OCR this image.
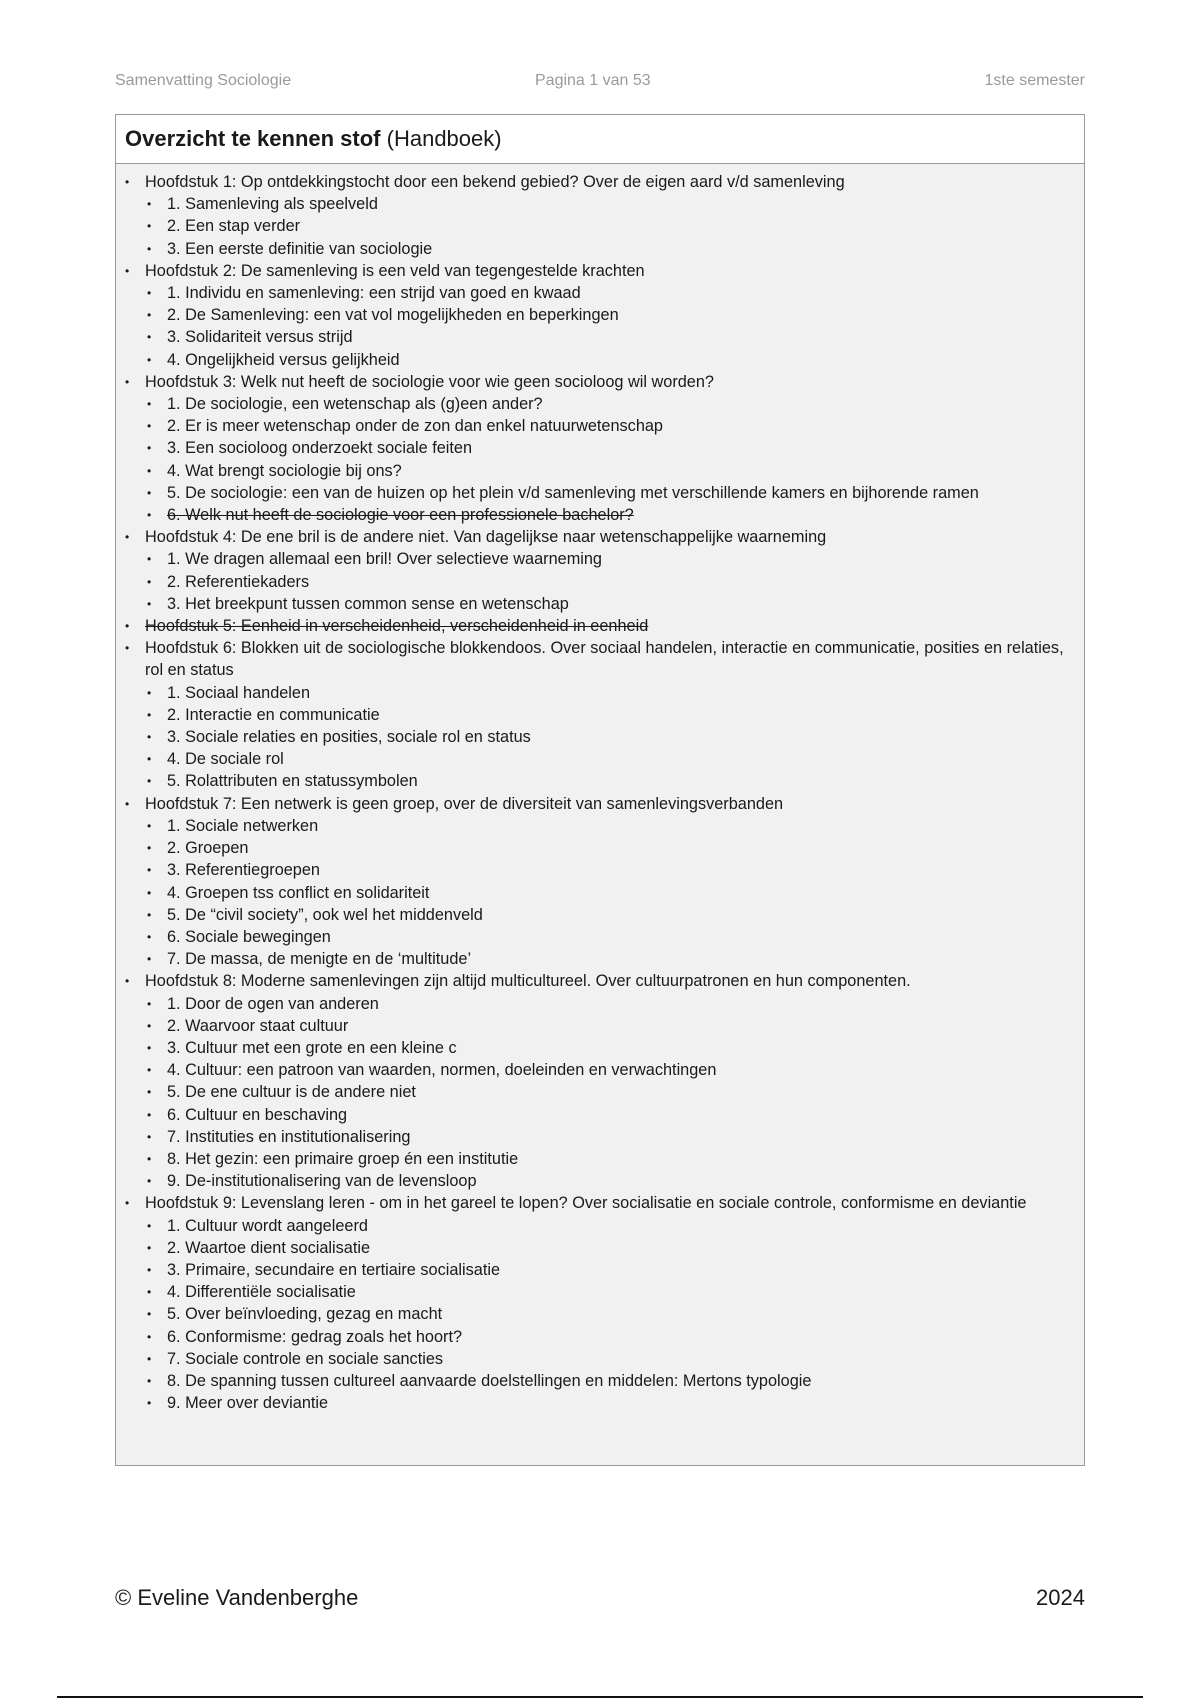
Samenvatting Sociologie	Pagina 1 van 53	1ste semester
Overzicht te kennen stof (Handboek)
• Hoofdstuk 1: Op ontdekkingstocht door een bekend gebied? Over de eigen aard v/d samenleving
• 1. Samenleving als speelveld
• 2. Een stap verder
• 3. Een eerste definitie van sociologie
• Hoofdstuk 2: De samenleving is een veld van tegengestelde krachten
• 1. Individu en samenleving: een strijd van goed en kwaad
• 2. De Samenleving: een vat vol mogelijkheden en beperkingen
• 3. Solidariteit versus strijd
• 4. Ongelijkheid versus gelijkheid
• Hoofdstuk 3: Welk nut heeft de sociologie voor wie geen socioloog wil worden?
• 1. De sociologie, een wetenschap als (g)een ander?
• 2. Er is meer wetenschap onder de zon dan enkel natuurwetenschap
• 3. Een socioloog onderzoekt sociale feiten
• 4. Wat brengt sociologie bij ons?
• 5. De sociologie: een van de huizen op het plein v/d samenleving met verschillende kamers en bijhorende ramen
• 6. Welk nut heeft de sociologie voor een professionele bachelor?
• Hoofdstuk 4: De ene bril is de andere niet. Van dagelijkse naar wetenschappelijke waarneming
• 1. We dragen allemaal een bril! Over selectieve waarneming
• 2. Referentiekaders
• 3. Het breekpunt tussen common sense en wetenschap
• Hoofdstuk 5: Eenheid in verscheidenheid, verscheidenheid in eenheid
• Hoofdstuk 6: Blokken uit de sociologische blokkendoos. Over sociaal handelen, interactie en communicatie, posities en relaties, rol en status
• 1. Sociaal handelen
• 2. Interactie en communicatie
• 3. Sociale relaties en posities, sociale rol en status
• 4. De sociale rol
• 5. Rolattributen en statussymbolen
• Hoofdstuk 7: Een netwerk is geen groep, over de diversiteit van samenlevingsverbanden
• 1. Sociale netwerken
• 2. Groepen
• 3. Referentiegroepen
• 4. Groepen tss conflict en solidariteit
• 5. De “civil society”, ook wel het middenveld
• 6. Sociale bewegingen
• 7. De massa, de menigte en de ‘multitude’
• Hoofdstuk 8: Moderne samenlevingen zijn altijd multicultureel. Over cultuurpatronen en hun componenten.
• 1. Door de ogen van anderen
• 2. Waarvoor staat cultuur
• 3. Cultuur met een grote en een kleine c
• 4. Cultuur: een patroon van waarden, normen, doeleinden en verwachtingen
• 5. De ene cultuur is de andere niet
• 6. Cultuur en beschaving
• 7. Instituties en institutionalisering
• 8. Het gezin: een primaire groep én een institutie
• 9. De-institutionalisering van de levensloop
• Hoofdstuk 9: Levenslang leren - om in het gareel te lopen? Over socialisatie en sociale controle, conformisme en deviantie
• 1. Cultuur wordt aangeleerd
• 2. Waartoe dient socialisatie
• 3. Primaire, secundaire en tertiaire socialisatie
• 4. Differentiële socialisatie
• 5. Over beïnvloeding, gezag en macht
• 6. Conformisme: gedrag zoals het hoort?
• 7. Sociale controle en sociale sancties
• 8. De spanning tussen cultureel aanvaarde doelstellingen en middelen: Mertons typologie
• 9. Meer over deviantie
© Eveline Vandenberghe	2024
